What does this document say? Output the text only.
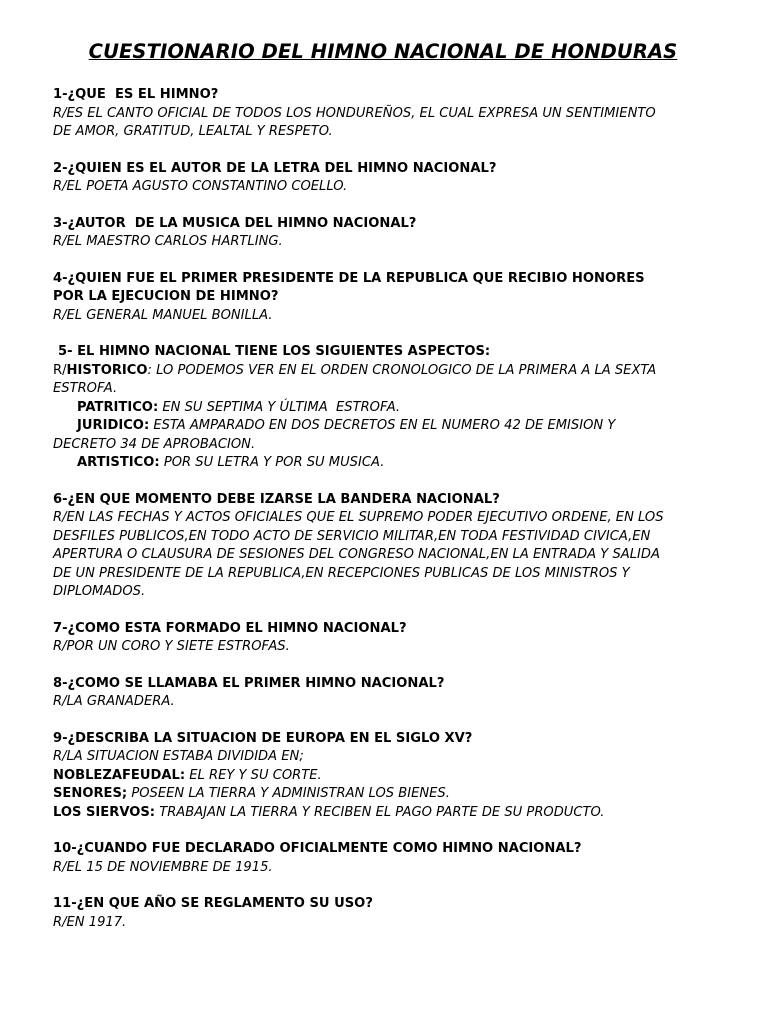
CUESTIONARIO DEL HIMNO NACIONAL DE HONDURAS
1-¿QUE  ES EL HIMNO?
R/ES EL CANTO OFICIAL DE TODOS LOS HONDUREÑOS, EL CUAL EXPRESA UN SENTIMIENTO
DE AMOR, GRATITUD, LEALTAL Y RESPETO.
2-¿QUIEN ES EL AUTOR DE LA LETRA DEL HIMNO NACIONAL?
R/EL POETA AGUSTO CONSTANTINO COELLO.
3-¿AUTOR  DE LA MUSICA DEL HIMNO NACIONAL?
R/EL MAESTRO CARLOS HARTLING.
4-¿QUIEN FUE EL PRIMER PRESIDENTE DE LA REPUBLICA QUE RECIBIO HONORES
POR LA EJECUCION DE HIMNO?
R/EL GENERAL MANUEL BONILLA.
5- EL HIMNO NACIONAL TIENE LOS SIGUIENTES ASPECTOS:
R/HISTORICO: LO PODEMOS VER EN EL ORDEN CRONOLOGICO DE LA PRIMERA A LA SEXTA
ESTROFA.
PATRITICO: EN SU SEPTIMA Y ÚLTIMA  ESTROFA.
JURIDICO: ESTA AMPARADO EN DOS DECRETOS EN EL NUMERO 42 DE EMISION Y
DECRETO 34 DE APROBACION.
ARTISTICO: POR SU LETRA Y POR SU MUSICA.
6-¿EN QUE MOMENTO DEBE IZARSE LA BANDERA NACIONAL?
R/EN LAS FECHAS Y ACTOS OFICIALES QUE EL SUPREMO PODER EJECUTIVO ORDENE, EN LOS
DESFILES PUBLICOS,EN TODO ACTO DE SERVICIO MILITAR,EN TODA FESTIVIDAD CIVICA,EN
APERTURA O CLAUSURA DE SESIONES DEL CONGRESO NACIONAL,EN LA ENTRADA Y SALIDA
DE UN PRESIDENTE DE LA REPUBLICA,EN RECEPCIONES PUBLICAS DE LOS MINISTROS Y
DIPLOMADOS.
7-¿COMO ESTA FORMADO EL HIMNO NACIONAL?
R/POR UN CORO Y SIETE ESTROFAS.
8-¿COMO SE LLAMABA EL PRIMER HIMNO NACIONAL?
R/LA GRANADERA.
9-¿DESCRIBA LA SITUACION DE EUROPA EN EL SIGLO XV?
R/LA SITUACION ESTABA DIVIDIDA EN;
NOBLEZAFEUDAL: EL REY Y SU CORTE.
SENORES; POSEEN LA TIERRA Y ADMINISTRAN LOS BIENES.
LOS SIERVOS: TRABAJAN LA TIERRA Y RECIBEN EL PAGO PARTE DE SU PRODUCTO.
10-¿CUANDO FUE DECLARADO OFICIALMENTE COMO HIMNO NACIONAL?
R/EL 15 DE NOVIEMBRE DE 1915.
11-¿EN QUE AÑO SE REGLAMENTO SU USO?
R/EN 1917.
